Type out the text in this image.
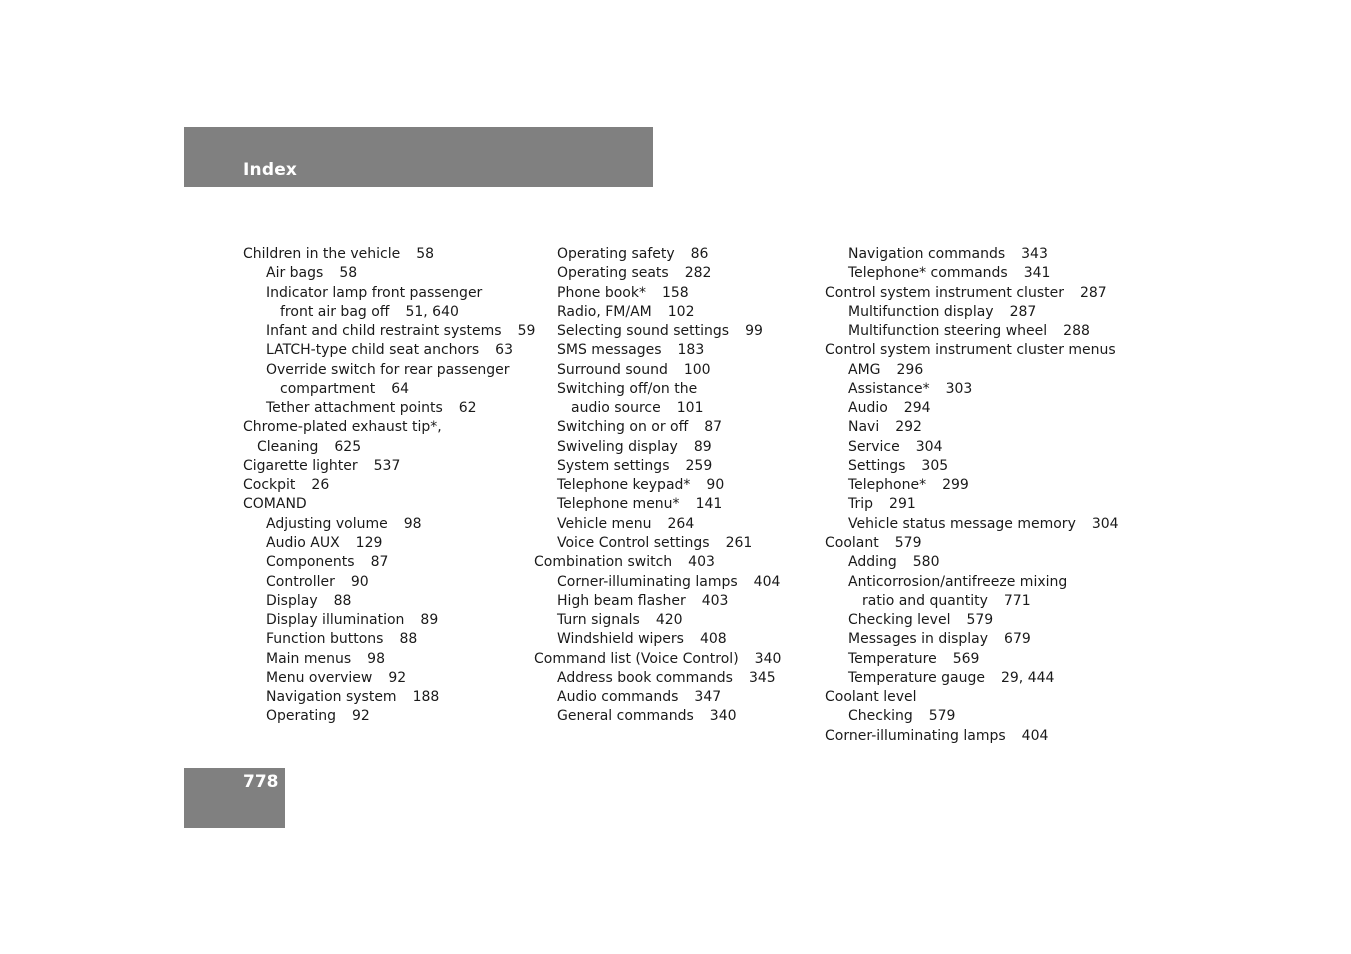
Index
Children in the vehicle 58
Air bags 58
Indicator lamp front passenger
front air bag off 51, 640
Infant and child restraint systems 59
LATCH-type child seat anchors 63
Override switch for rear passenger
compartment 64
Tether attachment points 62
Chrome-plated exhaust tip*,
Cleaning 625
Cigarette lighter 537
Cockpit 26
COMAND
Adjusting volume 98
Audio AUX 129
Components 87
Controller 90
Display 88
Display illumination 89
Function buttons 88
Main menus 98
Menu overview 92
Navigation system 188
Operating 92
Operating safety 86
Operating seats 282
Phone book* 158
Radio, FM/AM 102
Selecting sound settings 99
SMS messages 183
Surround sound 100
Switching off/on the
audio source 101
Switching on or off 87
Swiveling display 89
System settings 259
Telephone keypad* 90
Telephone menu* 141
Vehicle menu 264
Voice Control settings 261
Combination switch 403
Corner-illuminating lamps 404
High beam flasher 403
Turn signals 420
Windshield wipers 408
Command list (Voice Control) 340
Address book commands 345
Audio commands 347
General commands 340
Navigation commands 343
Telephone* commands 341
Control system instrument cluster 287
Multifunction display 287
Multifunction steering wheel 288
Control system instrument cluster menus
AMG 296
Assistance* 303
Audio 294
Navi 292
Service 304
Settings 305
Telephone* 299
Trip 291
Vehicle status message memory 304
Coolant 579
Adding 580
Anticorrosion/antifreeze mixing
ratio and quantity 771
Checking level 579
Messages in display 679
Temperature 569
Temperature gauge 29, 444
Coolant level
Checking 579
Corner-illuminating lamps 404
778
